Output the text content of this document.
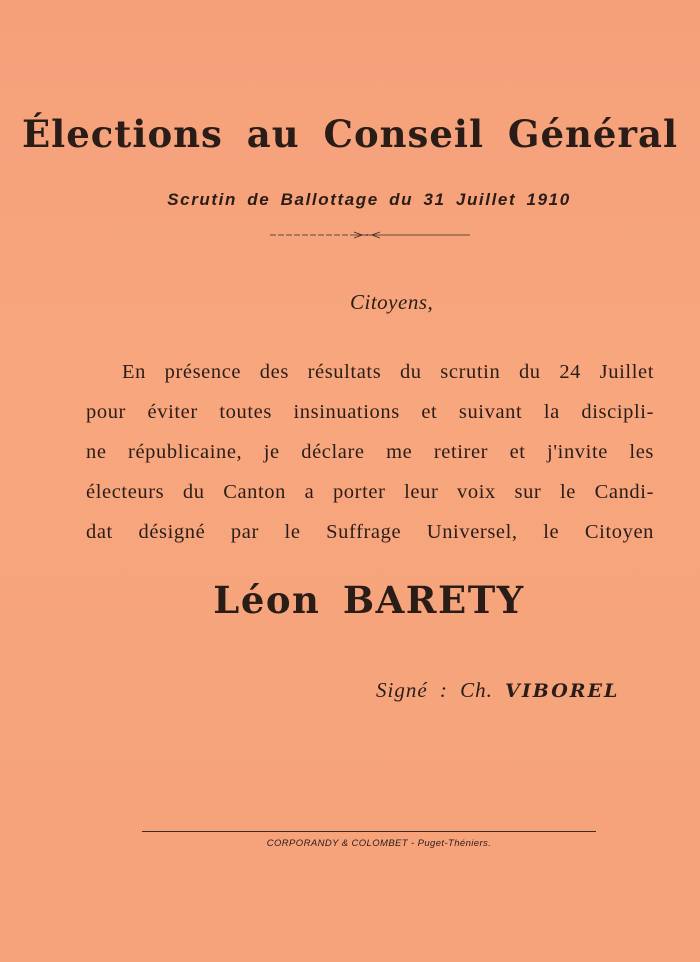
Élections au Conseil Général
Scrutin de Ballottage du 31 Juillet 1910
Citoyens,
En présence des résultats du scrutin du 24 Juillet
pour éviter toutes insinuations et suivant la discipli-
ne républicaine, je déclare me retirer et j'invite les
électeurs du Canton a porter leur voix sur le Candi-
dat désigné par le Suffrage Universel, le Citoyen
Léon BARETY
Signé : Ch. VIBOREL
CORPORANDY & COLOMBET - Puget-Théniers.
